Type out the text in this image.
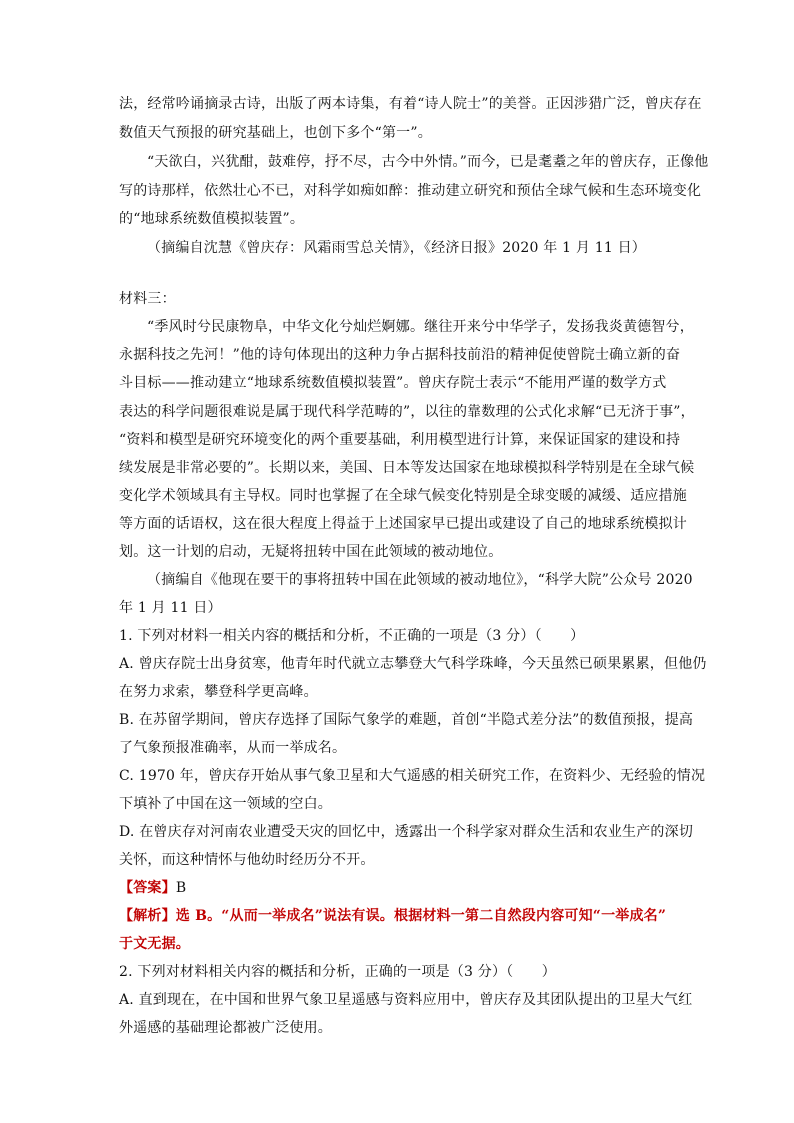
法，经常吟诵摘录古诗，出版了两本诗集，有着“诗人院士”的美誉。正因涉猎广泛，曾庆存在
数值天气预报的研究基础上，也创下多个“第一”。
“天欲白，兴犹酣，鼓难停，抒不尽，古今中外情。”而今，已是耄耋之年的曾庆存，正像他
写的诗那样，依然壮心不已，对科学如痴如醉：推动建立研究和预估全球气候和生态环境变化
的“地球系统数值模拟装置”。
（摘编自沈慧《曾庆存：风霜雨雪总关情》，《经济日报》2020 年 1 月 11 日）
材料三：
“季风时兮民康物阜，中华文化兮灿烂婀娜。继往开来兮中华学子，发扬我炎黄德智兮，
永据科技之先河！”他的诗句体现出的这种力争占据科技前沿的精神促使曾院士确立新的奋
斗目标——推动建立“地球系统数值模拟装置”。曾庆存院士表示“不能用严谨的数学方式
表达的科学问题很难说是属于现代科学范畴的”，以往的靠数理的公式化求解“已无济于事”，
“资料和模型是研究环境变化的两个重要基础，利用模型进行计算，来保证国家的建设和持
续发展是非常必要的”。长期以来，美国、日本等发达国家在地球模拟科学特别是在全球气候
变化学术领域具有主导权。同时也掌握了在全球气候变化特别是全球变暖的减缓、适应措施
等方面的话语权，这在很大程度上得益于上述国家早已提出或建设了自己的地球系统模拟计
划。这一计划的启动，无疑将扭转中国在此领域的被动地位。
（摘编自《他现在要干的事将扭转中国在此领域的被动地位》，“科学大院”公众号 2020
年 1 月 11 日）
1. 下列对材料一相关内容的概括和分析，不正确的一项是（3 分）（　　）
A. 曾庆存院士出身贫寒，他青年时代就立志攀登大气科学珠峰，今天虽然已硕果累累，但他仍
在努力求索，攀登科学更高峰。
B. 在苏留学期间，曾庆存选择了国际气象学的难题，首创“半隐式差分法”的数值预报，提高
了气象预报准确率，从而一举成名。
C. 1970 年，曾庆存开始从事气象卫星和大气遥感的相关研究工作，在资料少、无经验的情况
下填补了中国在这一领域的空白。
D. 在曾庆存对河南农业遭受天灾的回忆中，透露出一个科学家对群众生活和农业生产的深切
关怀，而这种情怀与他幼时经历分不开。
【答案】B
【解析】选 B。“从而一举成名”说法有误。根据材料一第二自然段内容可知“一举成名”
于文无据。
2. 下列对材料相关内容的概括和分析，正确的一项是（3 分）（　　）
A. 直到现在，在中国和世界气象卫星遥感与资料应用中，曾庆存及其团队提出的卫星大气红
外遥感的基础理论都被广泛使用。
